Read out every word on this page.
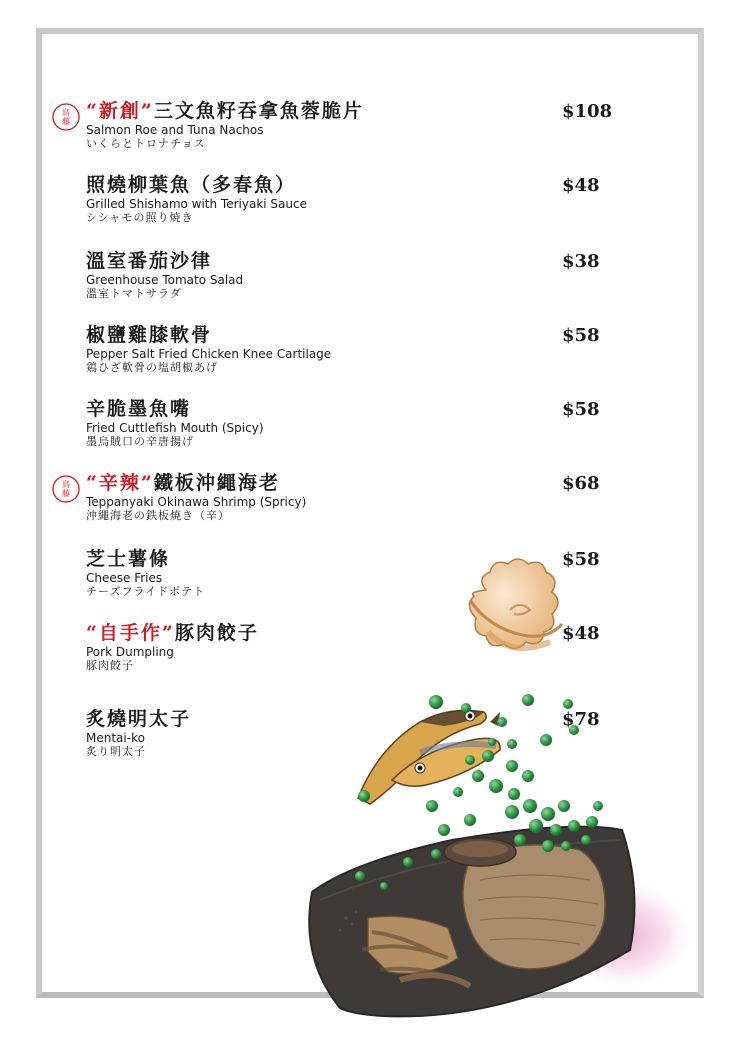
鳥
藤 “新創”三文魚籽吞拿魚蓉脆片
Salmon Roe and Tuna Nachos
いくらとトロナチョス
$108
照燒柳葉魚（多春魚）
Grilled Shishamo with Teriyaki Sauce
シシャモの照り焼き
$48
溫室番茄沙律
Greenhouse Tomato Salad
溫室トマトサラダ
$38
椒鹽雞膝軟骨
Pepper Salt Fried Chicken Knee Cartilage
鶏ひざ軟骨の塩胡椒あげ
$58
辛脆墨魚嘴
Fried Cuttlefish Mouth (Spicy)
墨烏賊口の辛唐揚げ
$58
鳥
藤 “辛辣”鐵板沖繩海老
Teppanyaki Okinawa Shrimp (Spricy)
沖繩海老の鉄板焼き（辛）
$68
芝士薯條
Cheese Fries
チーズフライドポテト
$58
“自手作”豚肉餃子
Pork Dumpling
豚肉餃子
$48
炙燒明太子
Mentai-ko
炙り明太子
$78
